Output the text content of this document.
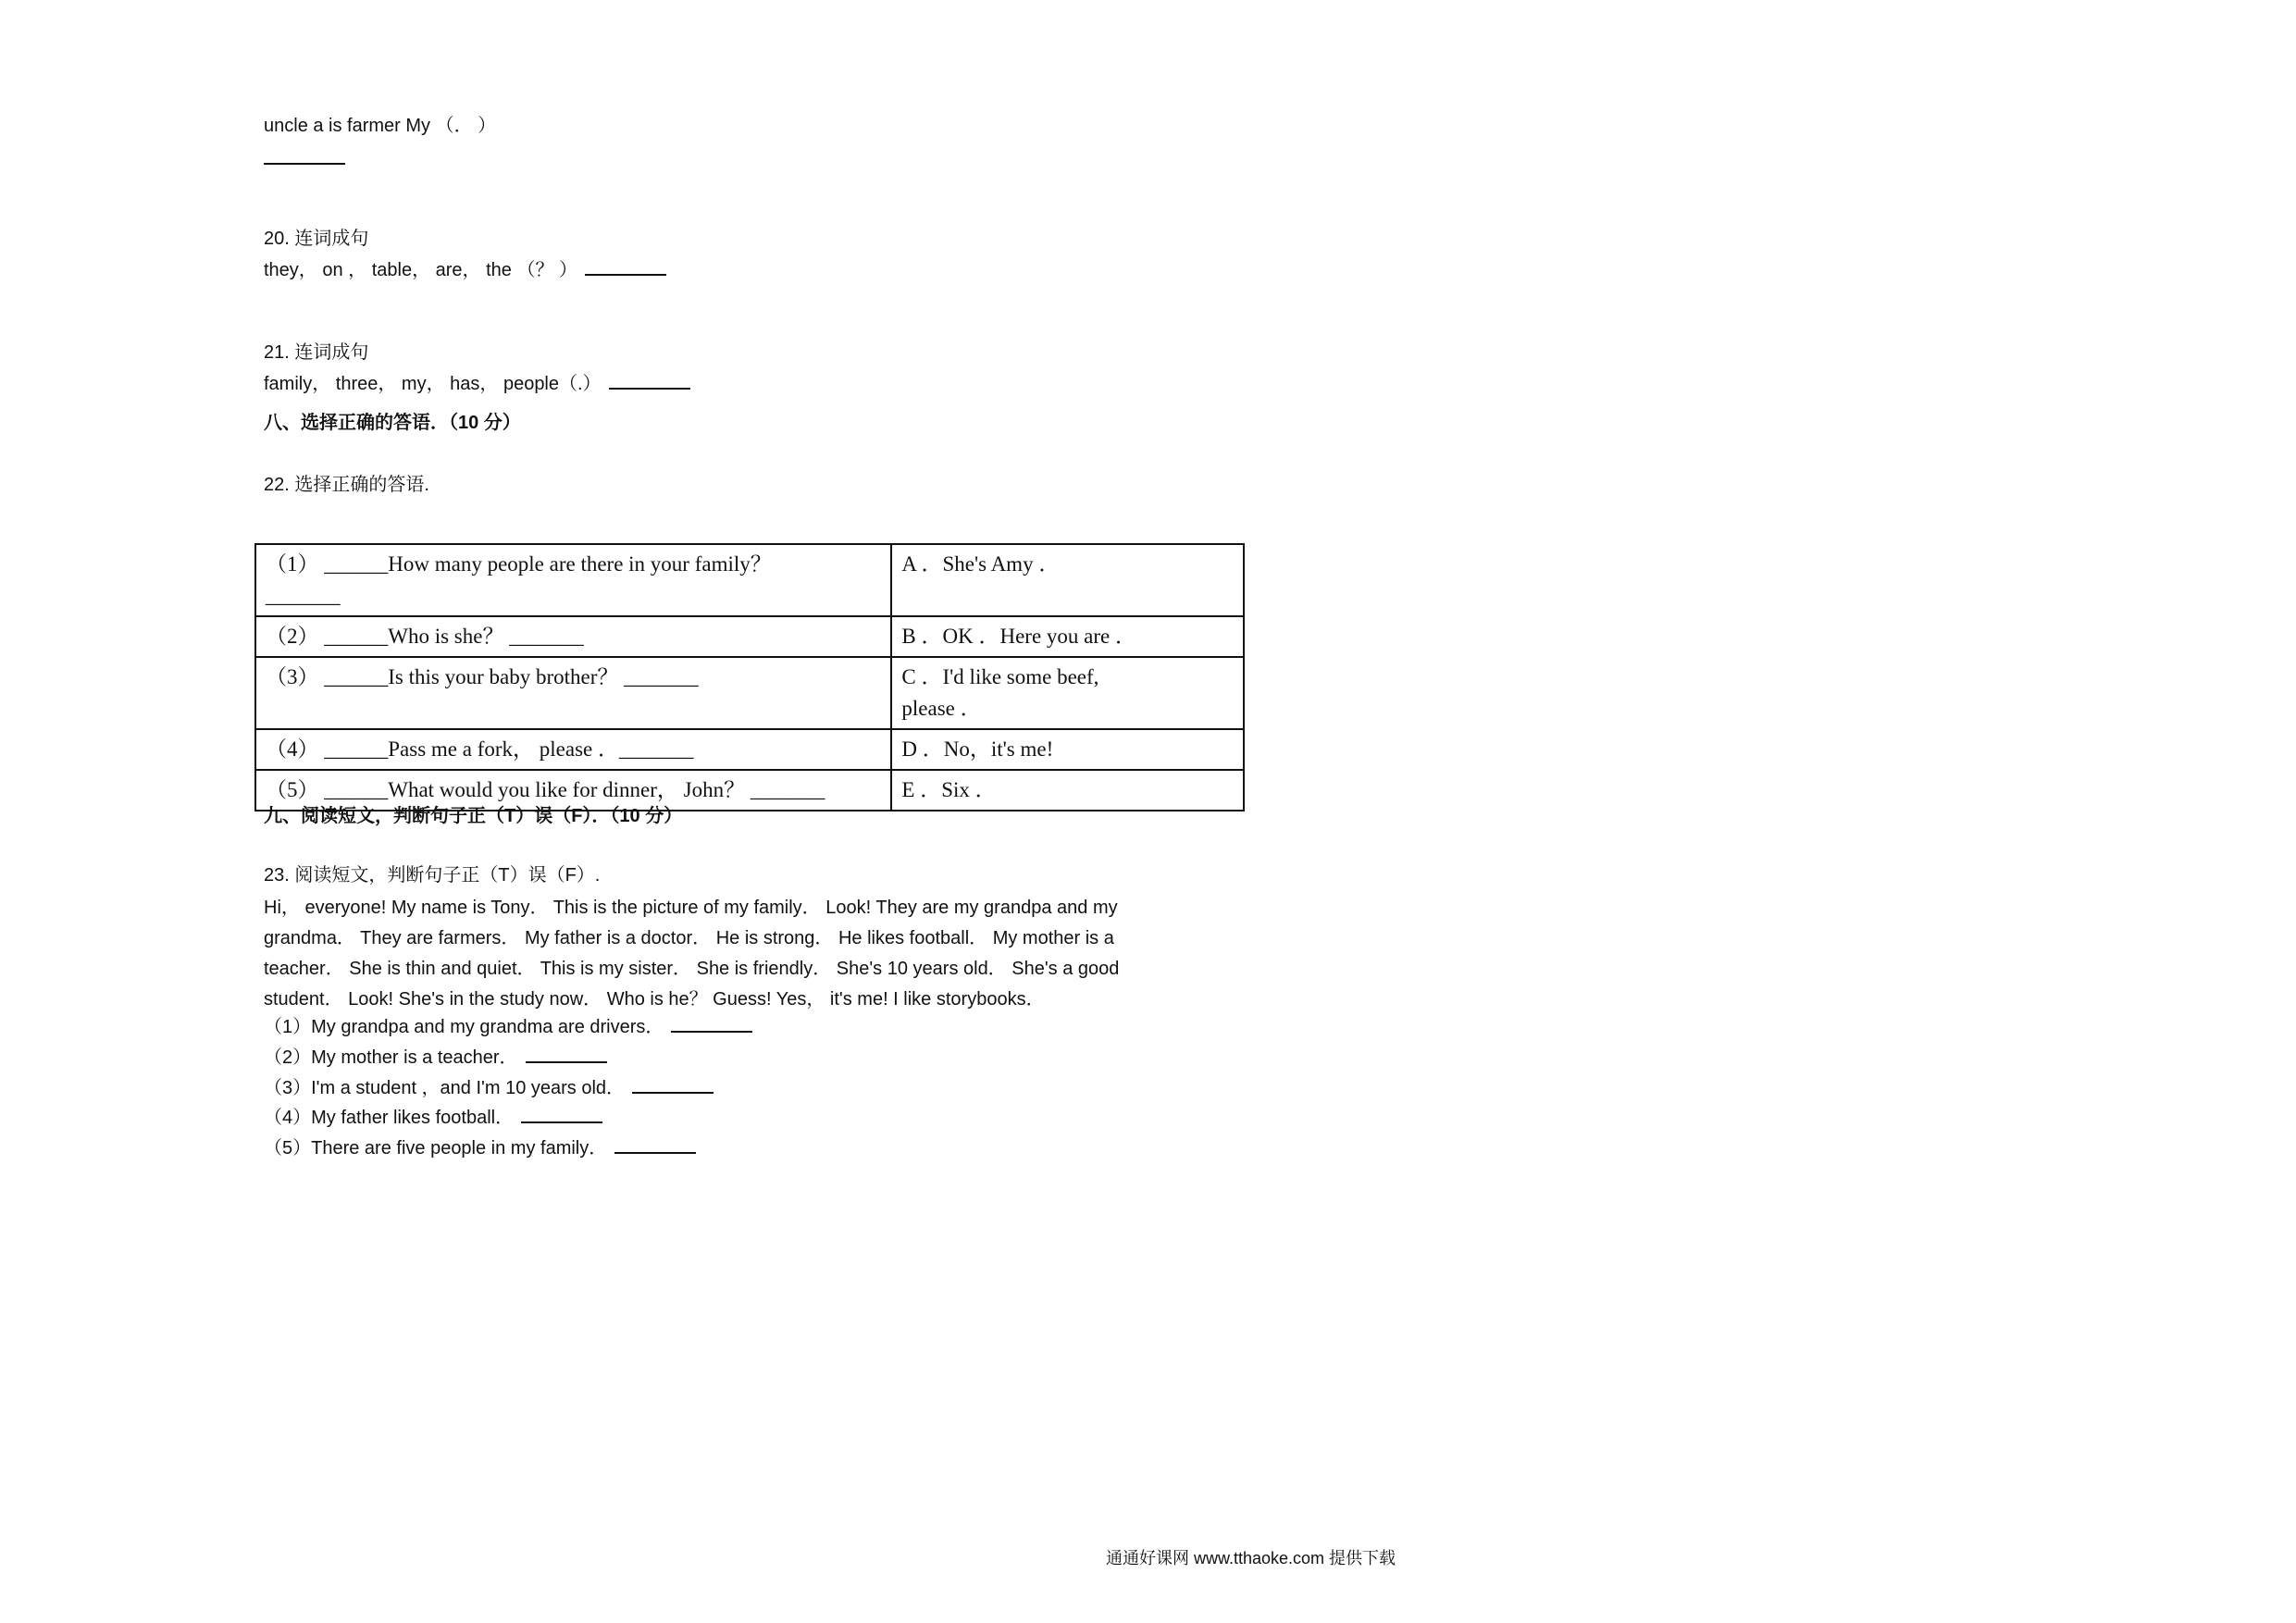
uncle a is farmer My （． ）
20. 连词成句
they， on ， table， are， the （？ ）
21. 连词成句
family， three， my， has， people（.）
八、选择正确的答语．（10 分）
22. 选择正确的答语.
（1） ______How many people are there in your family？
_______	A ．She's Amy ．
（2） ______Who is she？ _______	B ．OK ．Here you are ．
（3） ______Is this your baby brother？ _______	C ．I'd like some beef,
please ．

（4） ______Pass me a fork， please ．_______	D ．No，it's me!
（5） ______What would you like for dinner， John？ _______	E ．Six ．
九、阅读短文，判断句子正（T）误（F）．（10 分）
23. 阅读短文，判断句子正（T）误（F）.
Hi， everyone! My name is Tony． This is the picture of my family． Look! They are my grandpa and my
grandma． They are farmers． My father is a doctor． He is strong． He likes football． My mother is a
teacher． She is thin and quiet． This is my sister． She is friendly． She's 10 years old． She's a good
student． Look! She's in the study now． Who is he？ Guess! Yes， it's me! I like storybooks．
（1）My grandpa and my grandma are drivers．
（2）My mother is a teacher．
（3）I'm a student ，and I'm 10 years old．
（4）My father likes football．
（5）There are five people in my family．
通通好课网 www.tthaoke.com 提供下载
